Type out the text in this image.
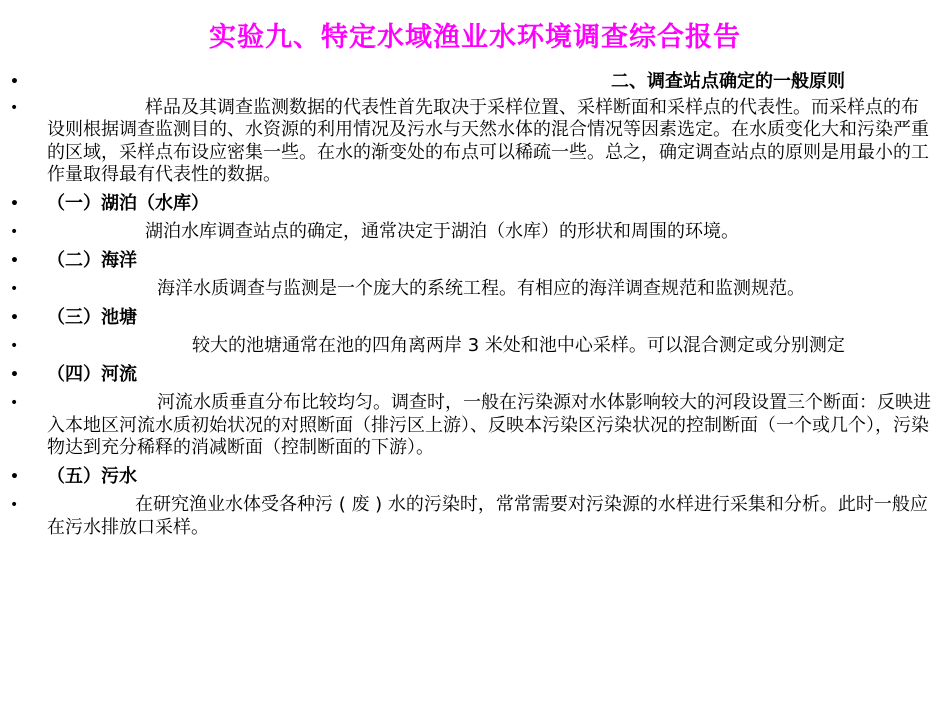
实验九、特定水域渔业水环境调查综合报告
•	二、调查站点确定的一般原则
•	样品及其调查监测数据的代表性首先取决于采样位置、采样断面和采样点的代表性。而采样点的布设则根据调查监测目的、水资源的利用情况及污水与天然水体的混合情况等因素选定。在水质变化大和污染严重的区域，采样点布设应密集一些。在水的渐变处的布点可以稀疏一些。总之，确定调查站点的原则是用最小的工作量取得最有代表性的数据。
• （一）湖泊（水库）
•	湖泊水库调查站点的确定，通常决定于湖泊（水库）的形状和周围的环境。
• （二）海洋
•	海洋水质调查与监测是一个庞大的系统工程。有相应的海洋调查规范和监测规范。
• （三）池塘
•	较大的池塘通常在池的四角离两岸 3 米处和池中心采样。可以混合测定或分别测定
• （四）河流
•	河流水质垂直分布比较均匀。调查时，一般在污染源对水体影响较大的河段设置三个断面：反映进入本地区河流水质初始状况的对照断面（排污区上游）、反映本污染区污染状况的控制断面（一个或几个），污染物达到充分稀释的消减断面（控制断面的下游）。
• （五）污水
•	在研究渔业水体受各种污 ( 废 ) 水的污染时，常常需要对污染源的水样进行采集和分析。此时一般应在污水排放口采样。
